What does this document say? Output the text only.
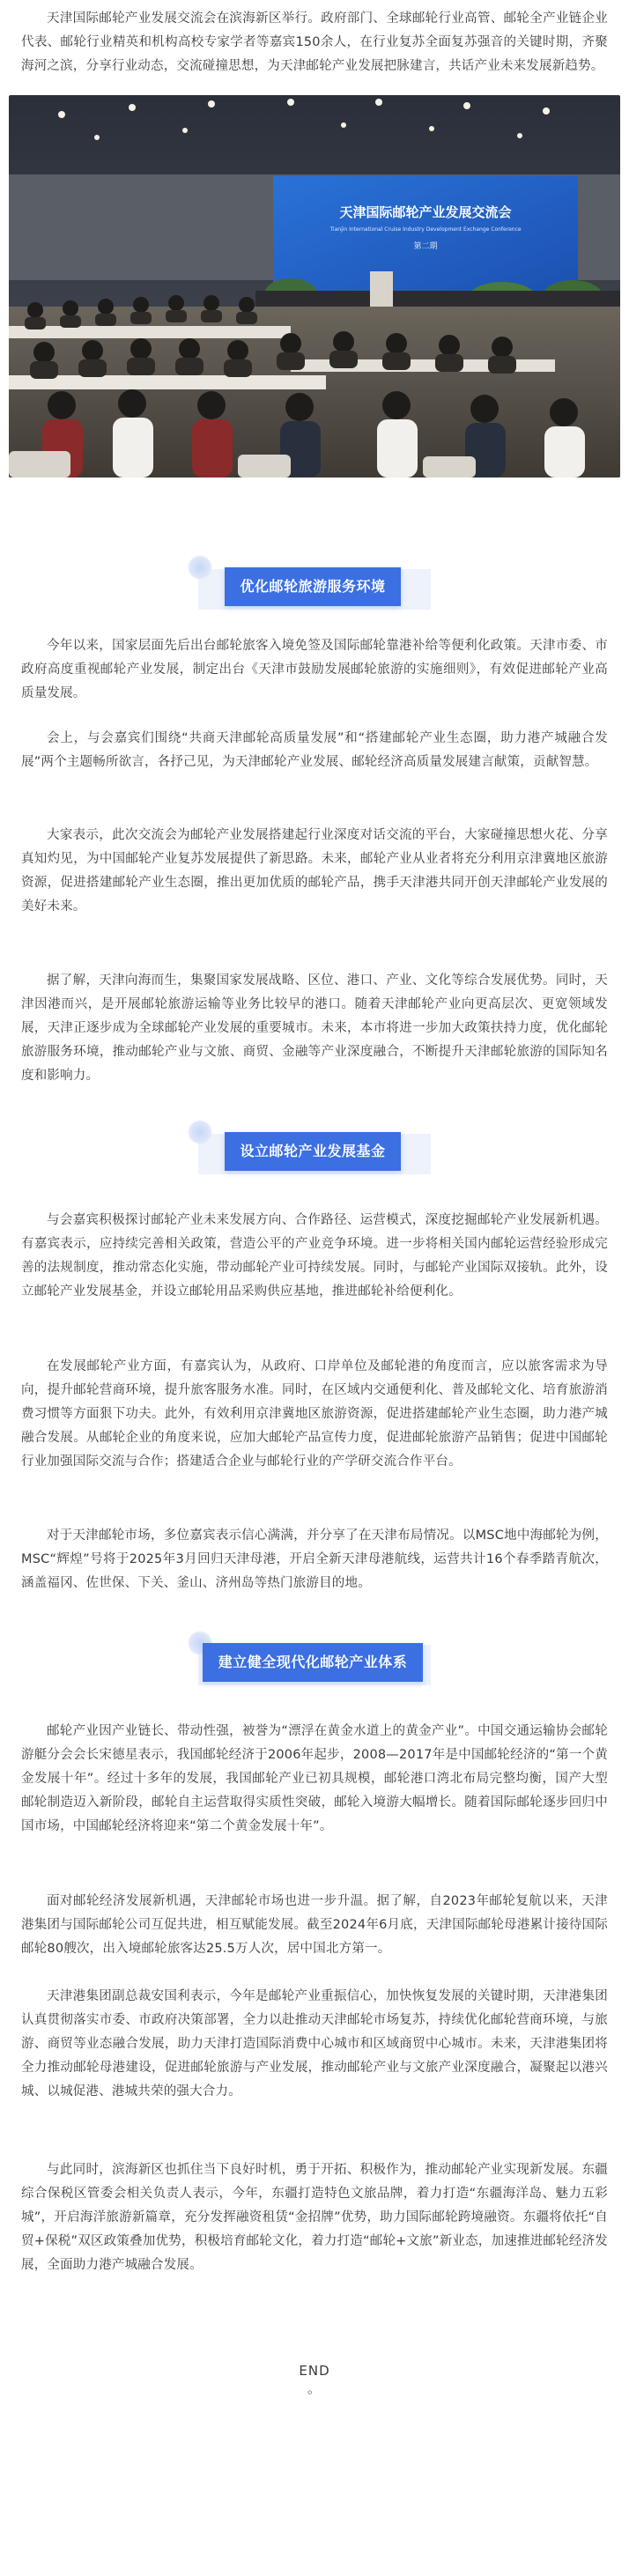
天津国际邮轮产业发展交流会在滨海新区举行。政府部门、全球邮轮行业高管、邮轮全产业链企业代表、邮轮行业精英和机构高校专家学者等嘉宾150余人，在行业复苏全面复苏强音的关键时期，齐聚海河之滨，分享行业动态，交流碰撞思想，为天津邮轮产业发展把脉建言，共话产业未来发展新趋势。

天津国际邮轮产业发展交流会
Tianjin International Cruise Industry Development Exchange Conference
第二期
优化邮轮旅游服务环境

今年以来，国家层面先后出台邮轮旅客入境免签及国际邮轮靠港补给等便利化政策。天津市委、市政府高度重视邮轮产业发展，制定出台《天津市鼓励发展邮轮旅游的实施细则》，有效促进邮轮产业高质量发展。

会上，与会嘉宾们围绕“共商天津邮轮高质量发展”和“搭建邮轮产业生态圈，助力港产城融合发展”两个主题畅所欲言，各抒己见，为天津邮轮产业发展、邮轮经济高质量发展建言献策，贡献智慧。

大家表示，此次交流会为邮轮产业发展搭建起行业深度对话交流的平台，大家碰撞思想火花、分享真知灼见，为中国邮轮产业复苏发展提供了新思路。未来，邮轮产业从业者将充分利用京津冀地区旅游资源，促进搭建邮轮产业生态圈，推出更加优质的邮轮产品，携手天津港共同开创天津邮轮产业发展的美好未来。

据了解，天津向海而生，集聚国家发展战略、区位、港口、产业、文化等综合发展优势。同时，天津因港而兴，是开展邮轮旅游运输等业务比较早的港口。随着天津邮轮产业向更高层次、更宽领域发展，天津正逐步成为全球邮轮产业发展的重要城市。未来，本市将进一步加大政策扶持力度，优化邮轮旅游服务环境，推动邮轮产业与文旅、商贸、金融等产业深度融合，不断提升天津邮轮旅游的国际知名度和影响力。

设立邮轮产业发展基金

与会嘉宾积极探讨邮轮产业未来发展方向、合作路径、运营模式，深度挖掘邮轮产业发展新机遇。有嘉宾表示，应持续完善相关政策，营造公平的产业竞争环境。进一步将相关国内邮轮运营经验形成完善的法规制度，推动常态化实施，带动邮轮产业可持续发展。同时，与邮轮产业国际双接轨。此外，设立邮轮产业发展基金，并设立邮轮用品采购供应基地，推进邮轮补给便利化。

在发展邮轮产业方面，有嘉宾认为，从政府、口岸单位及邮轮港的角度而言，应以旅客需求为导向，提升邮轮营商环境，提升旅客服务水准。同时，在区域内交通便利化、普及邮轮文化、培育旅游消费习惯等方面狠下功夫。此外，有效利用京津冀地区旅游资源，促进搭建邮轮产业生态圈，助力港产城融合发展。从邮轮企业的角度来说，应加大邮轮产品宣传力度，促进邮轮旅游产品销售；促进中国邮轮行业加强国际交流与合作；搭建适合企业与邮轮行业的产学研交流合作平台。

对于天津邮轮市场，多位嘉宾表示信心满满，并分享了在天津布局情况。以MSC地中海邮轮为例，MSC“辉煌”号将于2025年3月回归天津母港，开启全新天津母港航线，运营共计16个春季踏青航次，涵盖福冈、佐世保、下关、釜山、济州岛等热门旅游目的地。

建立健全现代化邮轮产业体系

邮轮产业因产业链长、带动性强，被誉为“漂浮在黄金水道上的黄金产业”。中国交通运输协会邮轮游艇分会会长宋德星表示，我国邮轮经济于2006年起步，2008—2017年是中国邮轮经济的“第一个黄金发展十年”。经过十多年的发展，我国邮轮产业已初具规模，邮轮港口湾北布局完整均衡，国产大型邮轮制造迈入新阶段，邮轮自主运营取得实质性突破，邮轮入境游大幅增长。随着国际邮轮逐步回归中国市场，中国邮轮经济将迎来“第二个黄金发展十年”。

面对邮轮经济发展新机遇，天津邮轮市场也进一步升温。据了解，自2023年邮轮复航以来，天津港集团与国际邮轮公司互促共进，相互赋能发展。截至2024年6月底，天津国际邮轮母港累计接待国际邮轮80艘次，出入境邮轮旅客达25.5万人次，居中国北方第一。

天津港集团副总裁安国利表示，今年是邮轮产业重振信心，加快恢复发展的关键时期，天津港集团认真贯彻落实市委、市政府决策部署，全力以赴推动天津邮轮市场复苏，持续优化邮轮营商环境，与旅游、商贸等业态融合发展，助力天津打造国际消费中心城市和区域商贸中心城市。未来，天津港集团将全力推动邮轮母港建设，促进邮轮旅游与产业发展，推动邮轮产业与文旅产业深度融合，凝聚起以港兴城、以城促港、港城共荣的强大合力。

与此同时，滨海新区也抓住当下良好时机，勇于开拓、积极作为，推动邮轮产业实现新发展。东疆综合保税区管委会相关负责人表示，今年，东疆打造特色文旅品牌，着力打造“东疆海洋岛、魅力五彩城”，开启海洋旅游新篇章，充分发挥融资租赁“金招牌”优势，助力国际邮轮跨境融资。东疆将依托“自贸+保税”双区政策叠加优势，积极培育邮轮文化，着力打造“邮轮+文旅”新业态，加速推进邮轮经济发展，全面助力港产城融合发展。

END
。
